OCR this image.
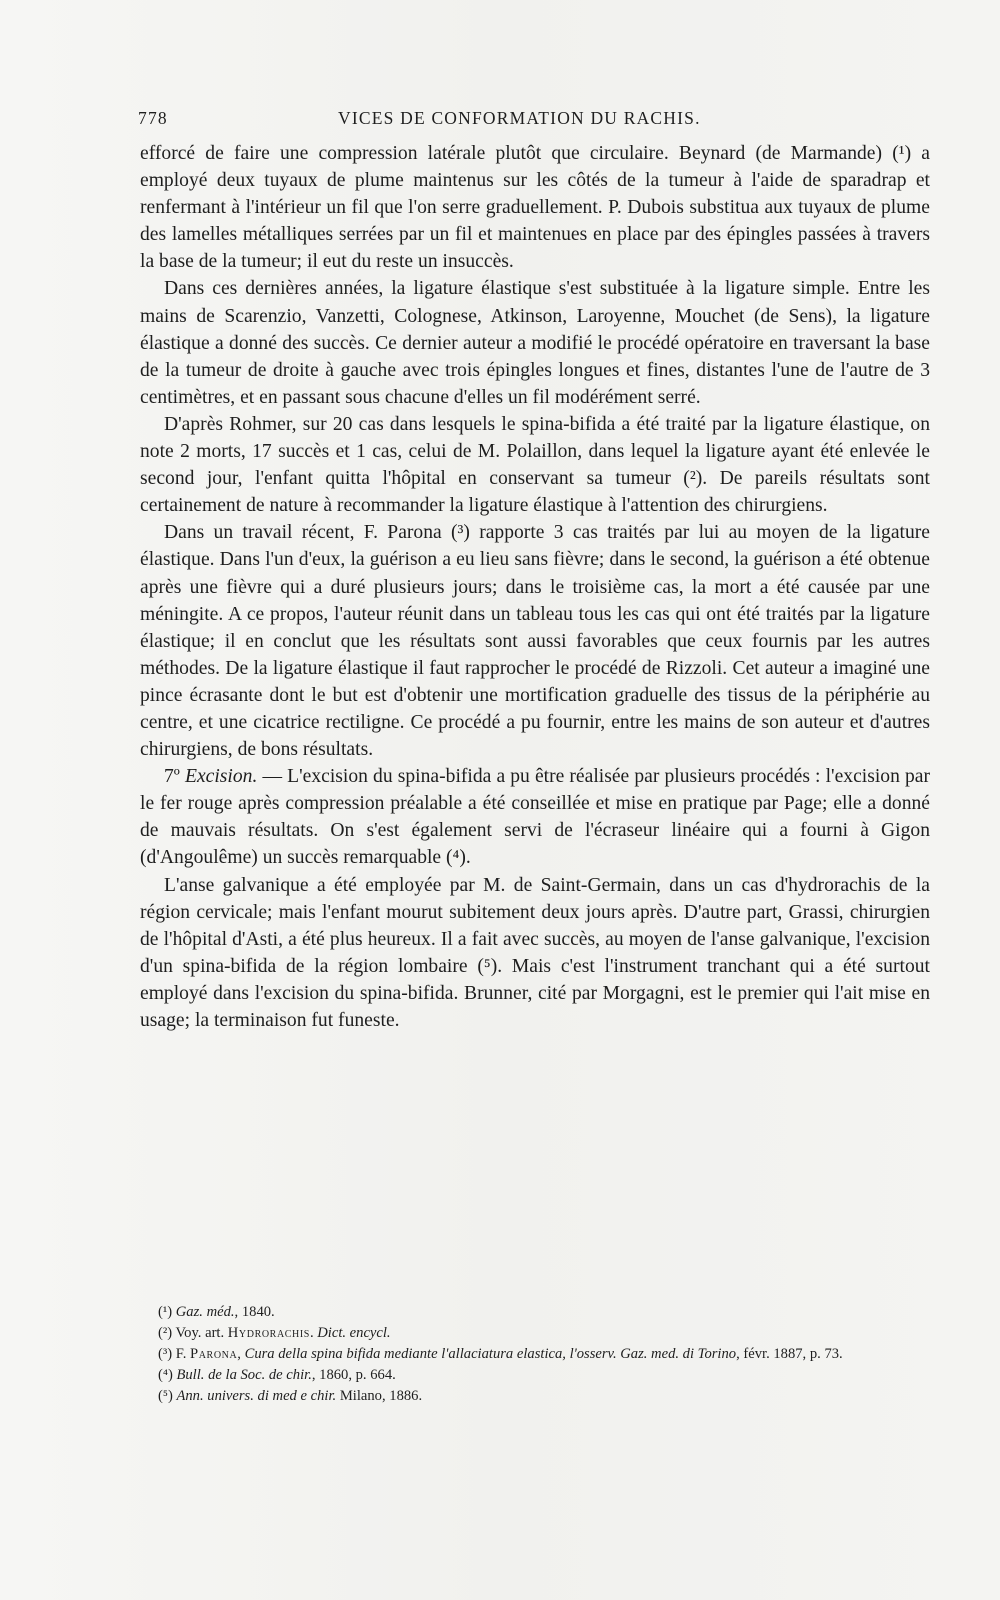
778	VICES DE CONFORMATION DU RACHIS.

efforcé de faire une compression latérale plutôt que circulaire. Beynard (de Marmande) (¹) a employé deux tuyaux de plume maintenus sur les côtés de la tumeur à l'aide de sparadrap et renfermant à l'intérieur un fil que l'on serre graduellement. P. Dubois substitua aux tuyaux de plume des lamelles métalliques serrées par un fil et maintenues en place par des épingles passées à travers la base de la tumeur; il eut du reste un insuccès.

Dans ces dernières années, la ligature élastique s'est substituée à la ligature simple. Entre les mains de Scarenzio, Vanzetti, Colognese, Atkinson, Laroyenne, Mouchet (de Sens), la ligature élastique a donné des succès. Ce dernier auteur a modifié le procédé opératoire en traversant la base de la tumeur de droite à gauche avec trois épingles longues et fines, distantes l'une de l'autre de 3 centimètres, et en passant sous chacune d'elles un fil modérément serré.

D'après Rohmer, sur 20 cas dans lesquels le spina-bifida a été traité par la ligature élastique, on note 2 morts, 17 succès et 1 cas, celui de M. Polaillon, dans lequel la ligature ayant été enlevée le second jour, l'enfant quitta l'hôpital en conservant sa tumeur (²). De pareils résultats sont certainement de nature à recommander la ligature élastique à l'attention des chirurgiens.

Dans un travail récent, F. Parona (³) rapporte 3 cas traités par lui au moyen de la ligature élastique. Dans l'un d'eux, la guérison a eu lieu sans fièvre; dans le second, la guérison a été obtenue après une fièvre qui a duré plusieurs jours; dans le troisième cas, la mort a été causée par une méningite. A ce propos, l'auteur réunit dans un tableau tous les cas qui ont été traités par la ligature élastique; il en conclut que les résultats sont aussi favorables que ceux fournis par les autres méthodes. De la ligature élastique il faut rapprocher le procédé de Rizzoli. Cet auteur a imaginé une pince écrasante dont le but est d'obtenir une mortification graduelle des tissus de la périphérie au centre, et une cicatrice rectiligne. Ce procédé a pu fournir, entre les mains de son auteur et d'autres chirurgiens, de bons résultats.

7º Excision. — L'excision du spina-bifida a pu être réalisée par plusieurs procédés : l'excision par le fer rouge après compression préalable a été conseillée et mise en pratique par Page; elle a donné de mauvais résultats. On s'est également servi de l'écraseur linéaire qui a fourni à Gigon (d'Angoulême) un succès remarquable (⁴).

L'anse galvanique a été employée par M. de Saint-Germain, dans un cas d'hydrorachis de la région cervicale; mais l'enfant mourut subitement deux jours après. D'autre part, Grassi, chirurgien de l'hôpital d'Asti, a été plus heureux. Il a fait avec succès, au moyen de l'anse galvanique, l'excision d'un spina-bifida de la région lombaire (⁵). Mais c'est l'instrument tranchant qui a été surtout employé dans l'excision du spina-bifida. Brunner, cité par Morgagni, est le premier qui l'ait mise en usage; la terminaison fut funeste.

(¹) Gaz. méd., 1840.

(²) Voy. art. Hydrorachis. Dict. encycl.

(³) F. Parona, Cura della spina bifida mediante l'allaciatura elastica, l'osserv. Gaz. med. di Torino, févr. 1887, p. 73.

(⁴) Bull. de la Soc. de chir., 1860, p. 664.

(⁵) Ann. univers. di med e chir. Milano, 1886.
